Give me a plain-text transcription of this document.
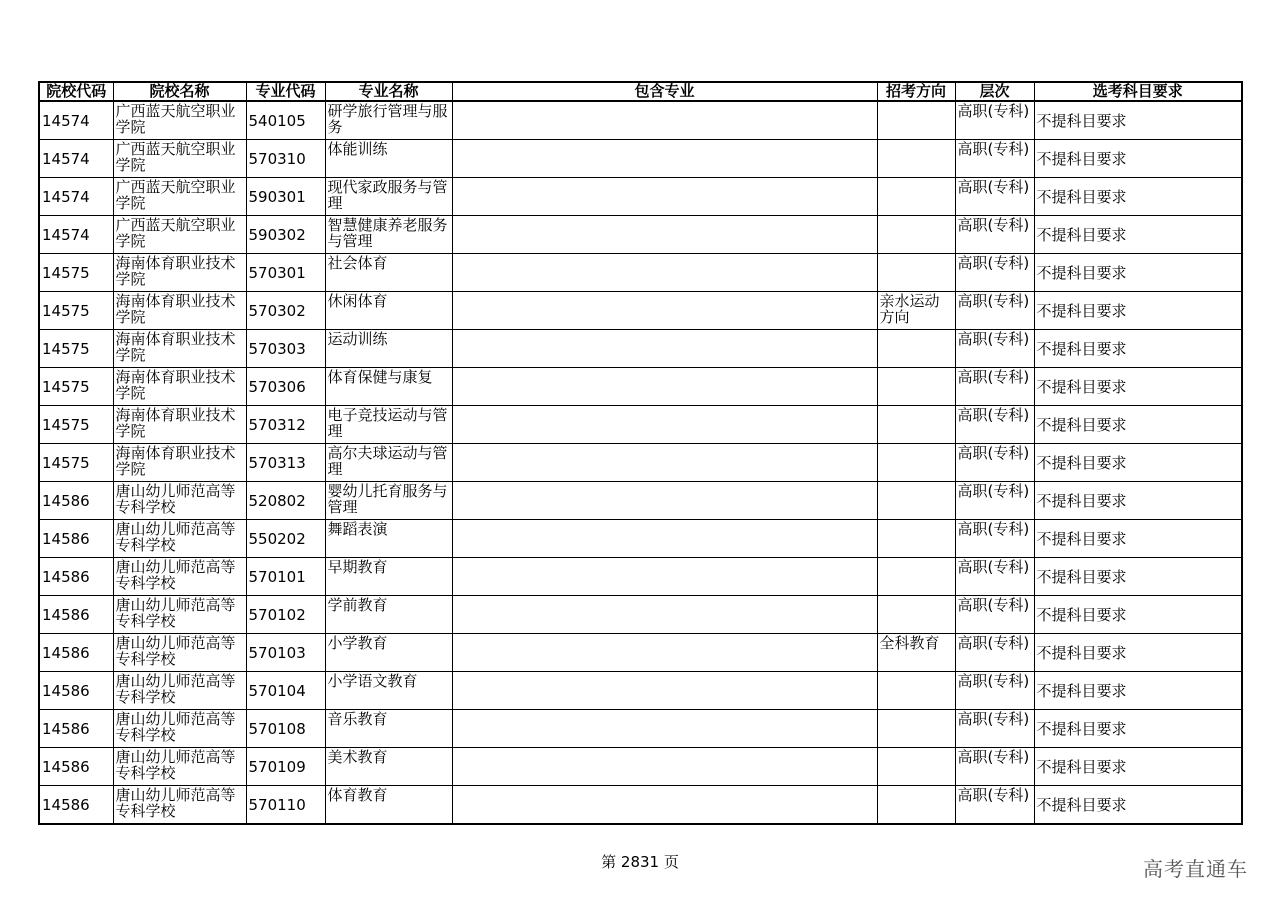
院校代码	院校名称	专业代码	专业名称	包含专业	招考方向	层次	选考科目要求
14574	广西蓝天航空职业学院	540105	研学旅行管理与服务			高职(专科)	不提科目要求
14574	广西蓝天航空职业学院	570310	体能训练			高职(专科)	不提科目要求
14574	广西蓝天航空职业学院	590301	现代家政服务与管理			高职(专科)	不提科目要求
14574	广西蓝天航空职业学院	590302	智慧健康养老服务与管理			高职(专科)	不提科目要求
14575	海南体育职业技术学院	570301	社会体育			高职(专科)	不提科目要求
14575	海南体育职业技术学院	570302	休闲体育		亲水运动方向	高职(专科)	不提科目要求
14575	海南体育职业技术学院	570303	运动训练			高职(专科)	不提科目要求
14575	海南体育职业技术学院	570306	体育保健与康复			高职(专科)	不提科目要求
14575	海南体育职业技术学院	570312	电子竞技运动与管理			高职(专科)	不提科目要求
14575	海南体育职业技术学院	570313	高尔夫球运动与管理			高职(专科)	不提科目要求
14586	唐山幼儿师范高等专科学校	520802	婴幼儿托育服务与管理			高职(专科)	不提科目要求
14586	唐山幼儿师范高等专科学校	550202	舞蹈表演			高职(专科)	不提科目要求
14586	唐山幼儿师范高等专科学校	570101	早期教育			高职(专科)	不提科目要求
14586	唐山幼儿师范高等专科学校	570102	学前教育			高职(专科)	不提科目要求
14586	唐山幼儿师范高等专科学校	570103	小学教育		全科教育	高职(专科)	不提科目要求
14586	唐山幼儿师范高等专科学校	570104	小学语文教育			高职(专科)	不提科目要求
14586	唐山幼儿师范高等专科学校	570108	音乐教育			高职(专科)	不提科目要求
14586	唐山幼儿师范高等专科学校	570109	美术教育			高职(专科)	不提科目要求
14586	唐山幼儿师范高等专科学校	570110	体育教育			高职(专科)	不提科目要求
第 2831 页	高考直通车
